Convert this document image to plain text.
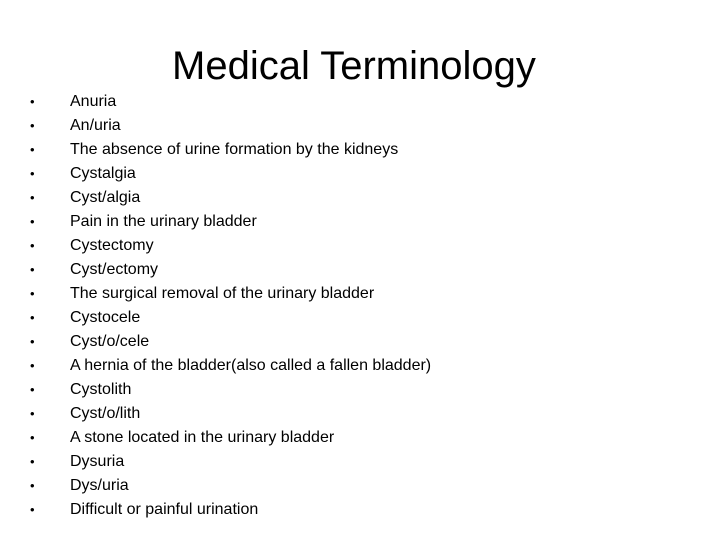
Medical Terminology
•	Anuria
•	An/uria
•	The absence of urine formation by the kidneys
•	Cystalgia
•	Cyst/algia
•	Pain in the urinary bladder
•	Cystectomy
•	Cyst/ectomy
•	The surgical removal of the urinary bladder
•	Cystocele
•	Cyst/o/cele
•	A hernia of the bladder(also called a fallen bladder)
•	Cystolith
•	Cyst/o/lith
•	A stone located in the urinary bladder
•	Dysuria
•	Dys/uria
•	Difficult or painful urination
